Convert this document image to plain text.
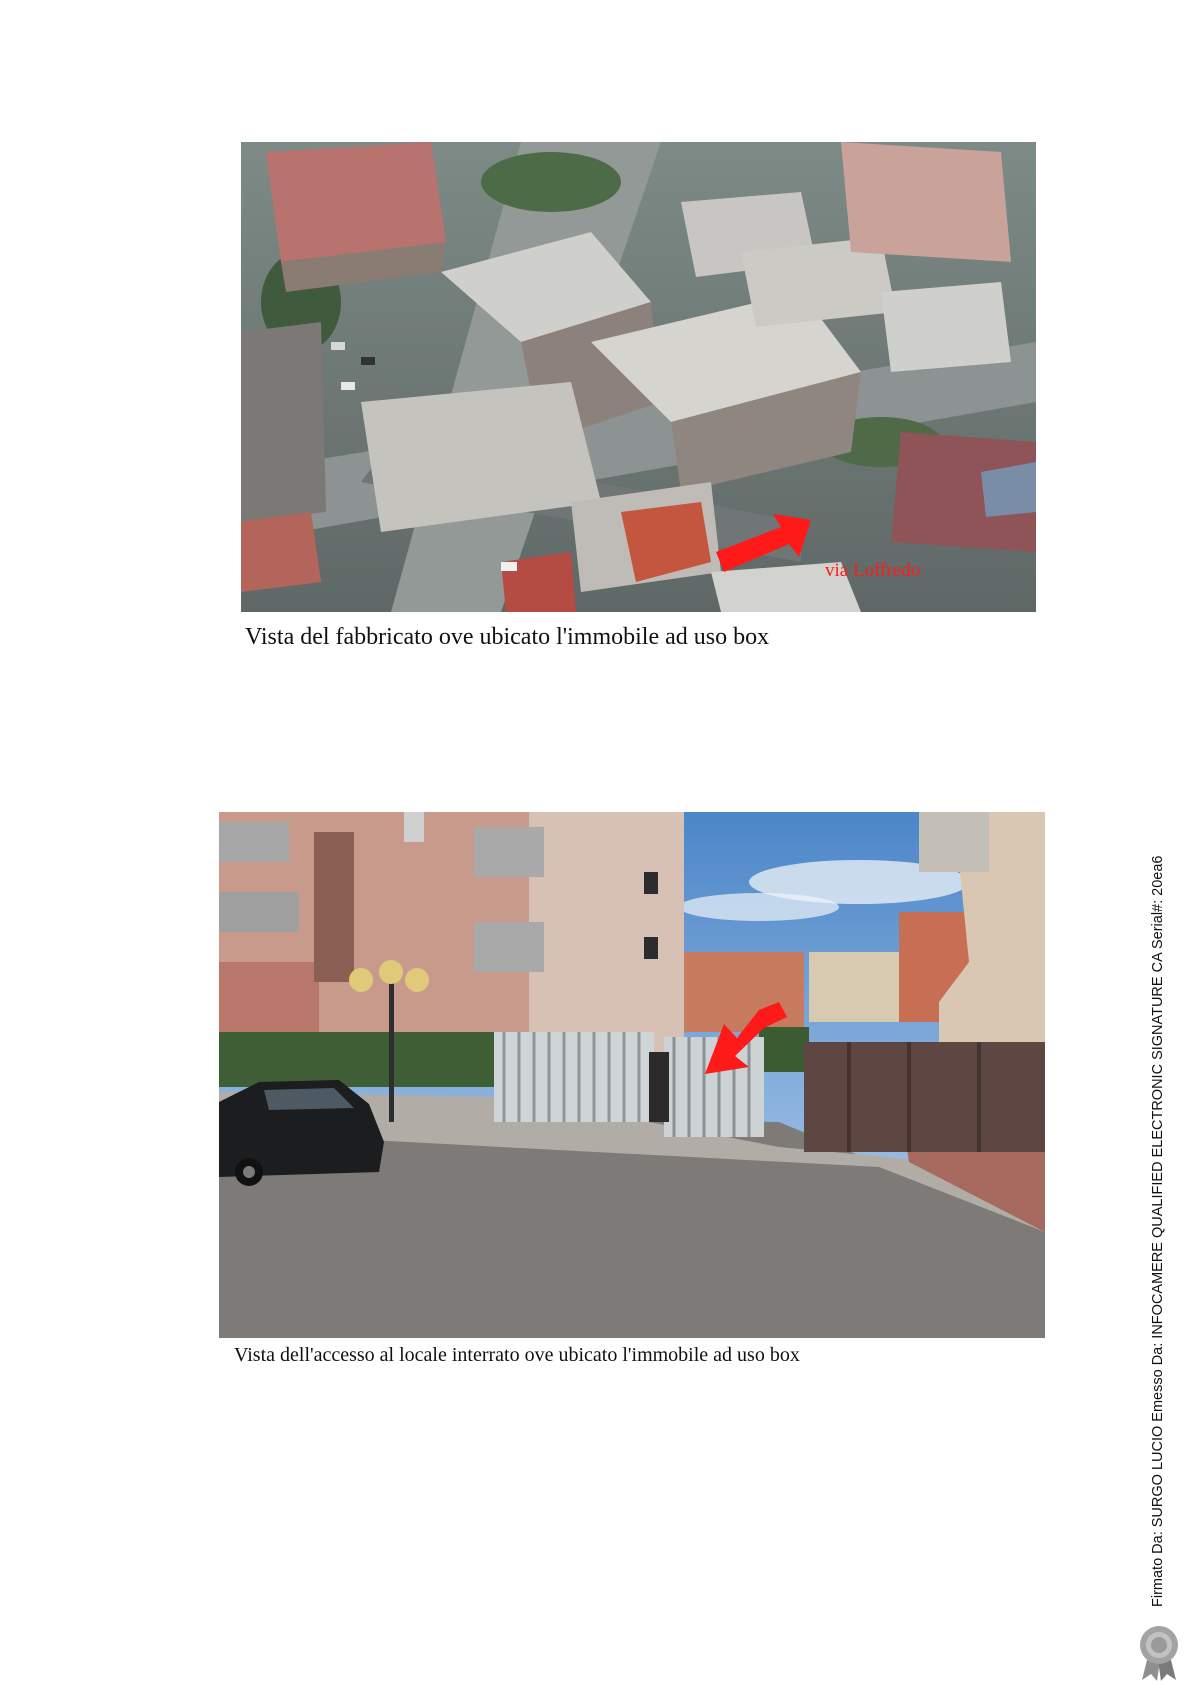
via Loffredo
Vista del fabbricato ove ubicato l'immobile ad uso box
Vista dell'accesso al locale interrato ove ubicato l'immobile ad uso box	Firmato Da: SURGO LUCIO Emesso Da: INFOCAMERE QUALIFIED ELECTRONIC SIGNATURE CA Serial#: 20ea6
